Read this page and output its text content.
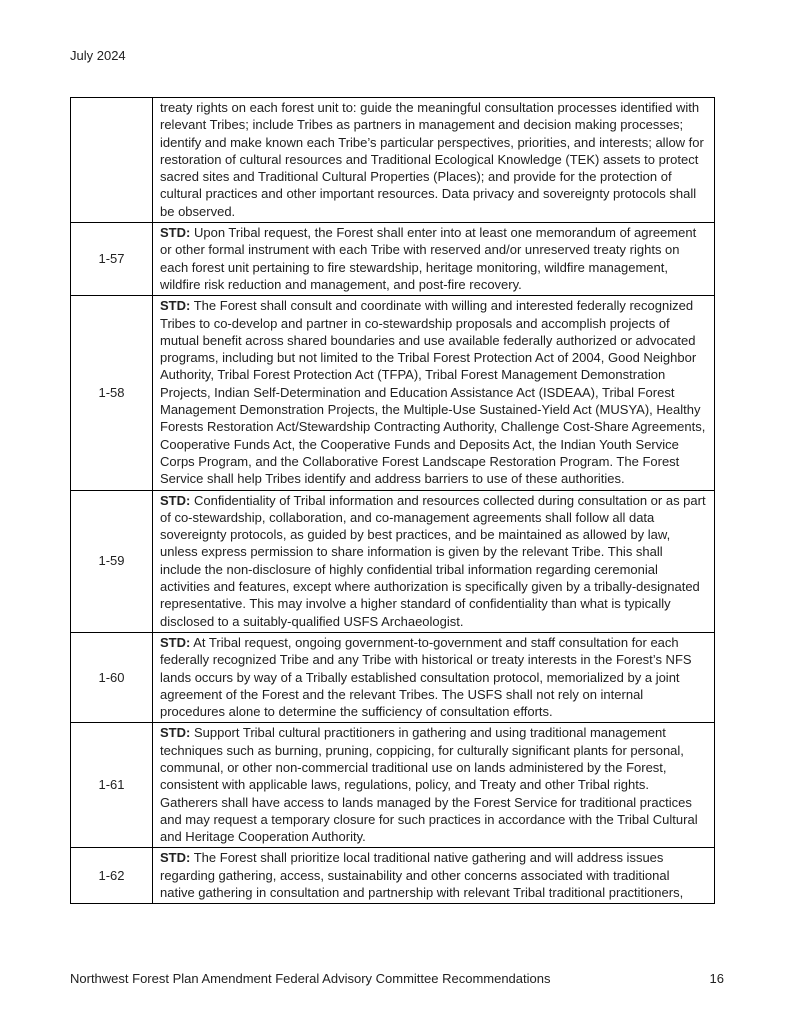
July 2024
	treaty rights on each forest unit to: guide the meaningful consultation processes identified with relevant Tribes; include Tribes as partners in management and decision making processes; identify and make known each Tribe’s particular perspectives, priorities, and interests; allow for restoration of cultural resources and Traditional Ecological Knowledge (TEK) assets to protect sacred sites and Traditional Cultural Properties (Places); and provide for the protection of cultural practices and other important resources. Data privacy and sovereignty protocols shall be observed.
1-57	STD: Upon Tribal request, the Forest shall enter into at least one memorandum of agreement or other formal instrument with each Tribe with reserved and/or unreserved treaty rights on each forest unit pertaining to fire stewardship, heritage monitoring, wildfire management, wildfire risk reduction and management, and post-fire recovery.
1-58	STD: The Forest shall consult and coordinate with willing and interested federally recognized Tribes to co-develop and partner in co-stewardship proposals and accomplish projects of mutual benefit across shared boundaries and use available federally authorized or advocated programs, including but not limited to the Tribal Forest Protection Act of 2004, Good Neighbor Authority, Tribal Forest Protection Act (TFPA), Tribal Forest Management Demonstration Projects, Indian Self-Determination and Education Assistance Act (ISDEAA), Tribal Forest Management Demonstration Projects, the Multiple-Use Sustained-Yield Act (MUSYA), Healthy Forests Restoration Act/Stewardship Contracting Authority, Challenge Cost-Share Agreements, Cooperative Funds Act, the Cooperative Funds and Deposits Act, the Indian Youth Service Corps Program, and the Collaborative Forest Landscape Restoration Program. The Forest Service shall help Tribes identify and address barriers to use of these authorities.
1-59	STD: Confidentiality of Tribal information and resources collected during consultation or as part of co-stewardship, collaboration, and co-management agreements shall follow all data sovereignty protocols, as guided by best practices, and be maintained as allowed by law, unless express permission to share information is given by the relevant Tribe. This shall include the non-disclosure of highly confidential tribal information regarding ceremonial activities and features, except where authorization is specifically given by a tribally-designated representative. This may involve a higher standard of confidentiality than what is typically disclosed to a suitably-qualified USFS Archaeologist.
1-60	STD: At Tribal request, ongoing government-to-government and staff consultation for each federally recognized Tribe and any Tribe with historical or treaty interests in the Forest’s NFS lands occurs by way of a Tribally established consultation protocol, memorialized by a joint agreement of the Forest and the relevant Tribes. The USFS shall not rely on internal procedures alone to determine the sufficiency of consultation efforts.
1-61	STD: Support Tribal cultural practitioners in gathering and using traditional management techniques such as burning, pruning, coppicing, for culturally significant plants for personal, communal, or other non-commercial traditional use on lands administered by the Forest, consistent with applicable laws, regulations, policy, and Treaty and other Tribal rights. Gatherers shall have access to lands managed by the Forest Service for traditional practices and may request a temporary closure for such practices in accordance with the Tribal Cultural and Heritage Cooperation Authority.
1-62	STD: The Forest shall prioritize local traditional native gathering and will address issues regarding gathering, access, sustainability and other concerns associated with traditional native gathering in consultation and partnership with relevant Tribal traditional practitioners,
Northwest Forest Plan Amendment Federal Advisory Committee Recommendations	16
